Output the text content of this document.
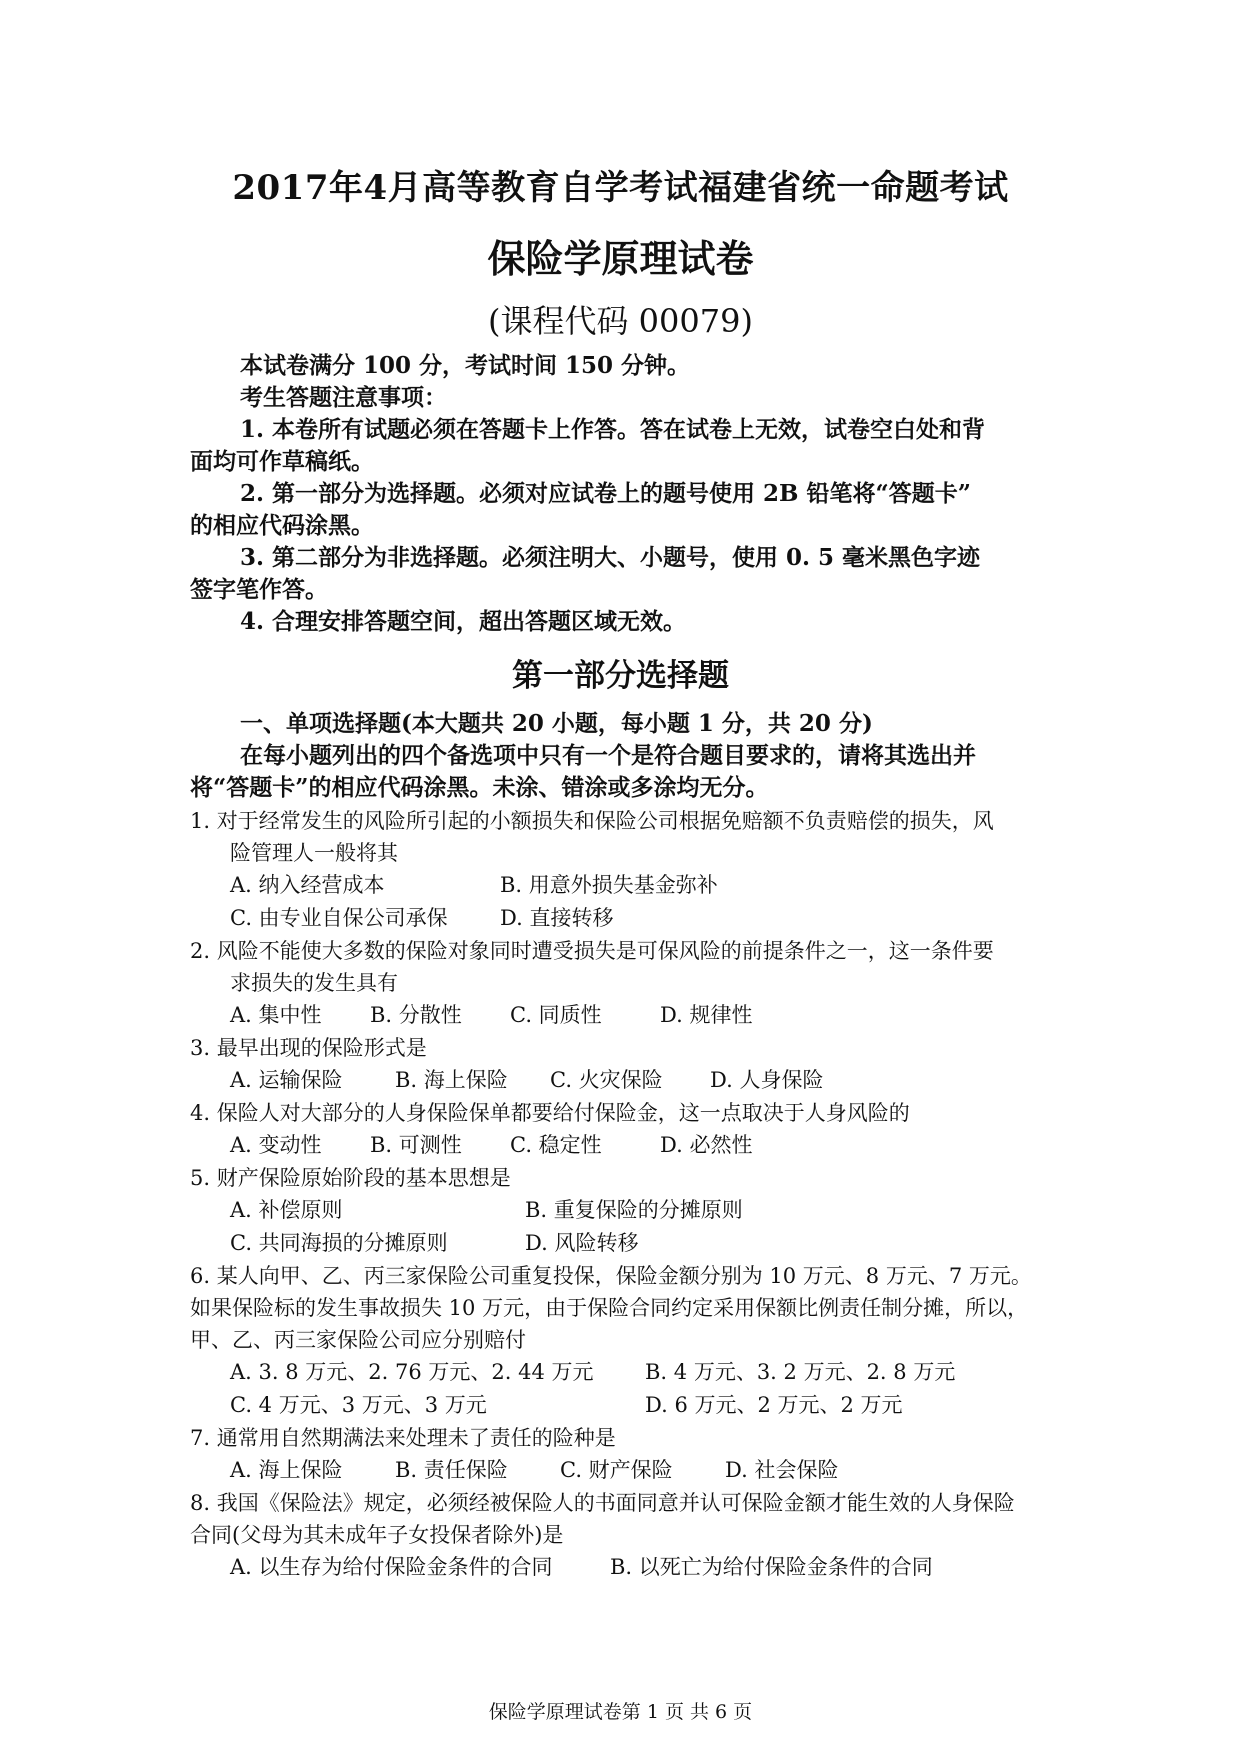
2017年4月高等教育自学考试福建省统一命题考试
保险学原理试卷
(课程代码 00079)
本试卷满分 100 分，考试时间 150 分钟。
考生答题注意事项：
1. 本卷所有试题必须在答题卡上作答。答在试卷上无效，试卷空白处和背
面均可作草稿纸。
2. 第一部分为选择题。必须对应试卷上的题号使用 2B 铅笔将“答题卡”
的相应代码涂黑。
3. 第二部分为非选择题。必须注明大、小题号，使用 0. 5 毫米黑色字迹
签字笔作答。
4. 合理安排答题空间，超出答题区域无效。
第一部分选择题
一、单项选择题(本大题共 20 小题，每小题 1 分，共 20 分)
在每小题列出的四个备选项中只有一个是符合题目要求的，请将其选出并
将“答题卡”的相应代码涂黑。未涂、错涂或多涂均无分。
1. 对于经常发生的风险所引起的小额损失和保险公司根据免赔额不负责赔偿的损失，风
险管理人一般将其
A. 纳入经营成本	B. 用意外损失基金弥补
C. 由专业自保公司承保 D. 直接转移
2. 风险不能使大多数的保险对象同时遭受损失是可保风险的前提条件之一，这一条件要
求损失的发生具有
A. 集中性 B. 分散性 C. 同质性	D. 规律性
3. 最早出现的保险形式是
A. 运输保险 B. 海上保险 C. 火灾保险 D. 人身保险
4. 保险人对大部分的人身保险保单都要给付保险金，这一点取决于人身风险的
A. 变动性 B. 可测性 C. 稳定性	D. 必然性
5. 财产保险原始阶段的基本思想是
A. 补偿原则	B. 重复保险的分摊原则
C. 共同海损的分摊原则	D. 风险转移
6. 某人向甲、乙、丙三家保险公司重复投保，保险金额分别为 10 万元、8 万元、7 万元。
如果保险标的发生事故损失 10 万元，由于保险合同约定采用保额比例责任制分摊，所以，
甲、乙、丙三家保险公司应分别赔付
A. 3. 8 万元、2. 76 万元、2. 44 万元 B. 4 万元、3. 2 万元、2. 8 万元
C. 4 万元、3 万元、3 万元	D. 6 万元、2 万元、2 万元
7. 通常用自然期满法来处理未了责任的险种是
A. 海上保险 B. 责任保险 C. 财产保险 D. 社会保险
8. 我国《保险法》规定，必须经被保险人的书面同意并认可保险金额才能生效的人身保险
合同(父母为其未成年子女投保者除外)是
A. 以生存为给付保险金条件的合同	B. 以死亡为给付保险金条件的合同
保险学原理试卷第 1 页 共 6 页
